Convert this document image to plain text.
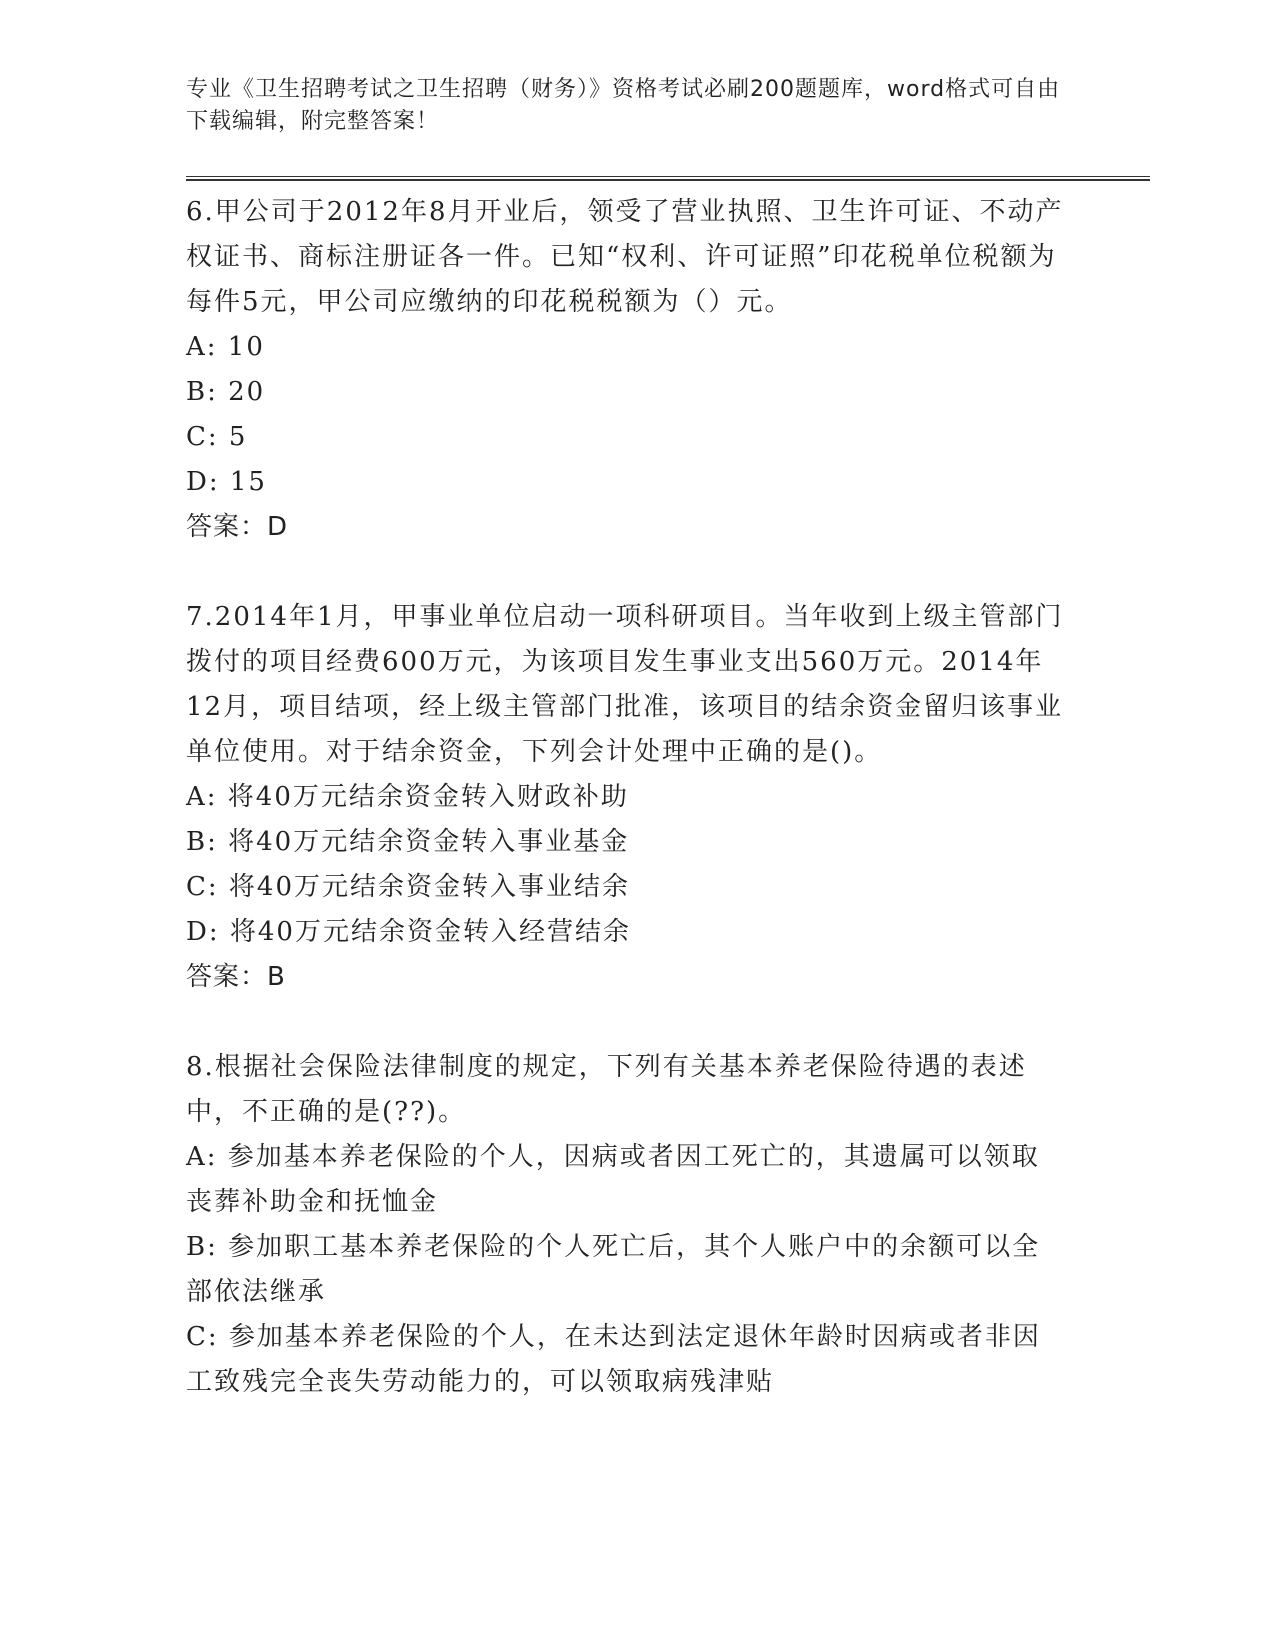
专业《卫生招聘考试之卫生招聘（财务）》资格考试必刷200题题库，word格式可自由下载编辑，附完整答案！
6.甲公司于2012年8月开业后，领受了营业执照、卫生许可证、不动产权证书、商标注册证各一件。已知“权利、许可证照”印花税单位税额为每件5元，甲公司应缴纳的印花税税额为（）元。
A: 10
B: 20
C: 5
D: 15
答案：D
7.2014年1月，甲事业单位启动一项科研项目。当年收到上级主管部门拨付的项目经费600万元，为该项目发生事业支出560万元。2014年12月，项目结项，经上级主管部门批准，该项目的结余资金留归该事业单位使用。对于结余资金，下列会计处理中正确的是()。
A: 将40万元结余资金转入财政补助
B: 将40万元结余资金转入事业基金
C: 将40万元结余资金转入事业结余
D: 将40万元结余资金转入经营结余
答案：B
8.根据社会保险法律制度的规定，下列有关基本养老保险待遇的表述中，不正确的是(??)。
A: 参加基本养老保险的个人，因病或者因工死亡的，其遗属可以领取丧葬补助金和抚恤金
B: 参加职工基本养老保险的个人死亡后，其个人账户中的余额可以全部依法继承
C: 参加基本养老保险的个人，在未达到法定退休年龄时因病或者非因工致残完全丧失劳动能力的，可以领取病残津贴
